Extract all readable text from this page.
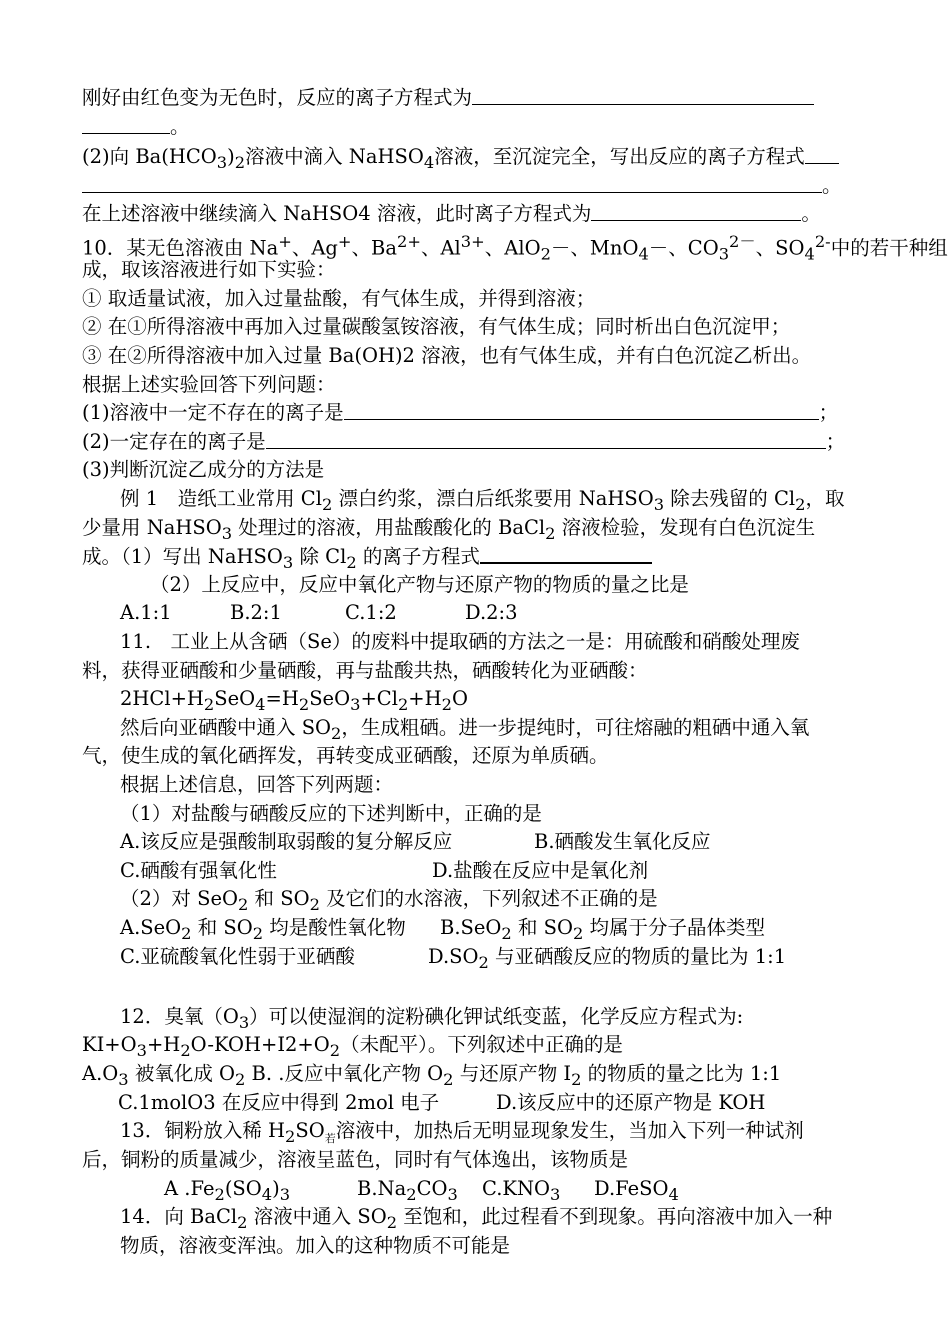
刚好由红色变为无色时，反应的离子方程式为
。
(2)向 $Ba(HCO_3)_2$溶液中滴入 NaHSO$_4$溶液，至沉淀完全，写出反应的离子方程式
。
在上述溶液中继续滴入 NaHSO4 溶液，此时离子方程式为	。
10．某无色溶液由 Na+、Ag+、$Ba^{2+}$、$Al^{3+}$、AlO$_2$－、MnO$_4$－、$CO_3^{2-}$、$SO_4^{2-}$中的若干种组
成，取该溶液进行如下实验：
① 取适量试液，加入过量盐酸，有气体生成，并得到溶液；
② 在①所得溶液中再加入过量碳酸氢铵溶液，有气体生成；同时析出白色沉淀甲；
③ 在②所得溶液中加入过量 Ba(OH)2 溶液，也有气体生成，并有白色沉淀乙析出。
根据上述实验回答下列问题：
(1)溶液中一定不存在的离子是	；
(2)一定存在的离子是	；
(3)判断沉淀乙成分的方法是
例 1　造纸工业常用 $Cl_2$ 漂白约浆，漂白后纸浆要用 NaHSO$_3$ 除去残留的 $Cl_2$，取
少量用 NaHSO$_3$ 处理过的溶液，用盐酸酸化的 BaCl$_2$ 溶液检验，发现有白色沉淀生
成。（1）写出 NaHSO$_3$ 除 $Cl_2$ 的离子方程式
（2）上反应中，反应中氧化产物与还原产物的物质的量之比是
A.1:1	B.2:1	C.1:2	D.2:3
11.　工业上从含硒（Se）的废料中提取硒的方法之一是：用硫酸和硝酸处理废
料，获得亚硒酸和少量硒酸，再与盐酸共热，硒酸转化为亚硒酸：
$2HCl+H_2SeO_4=H_2SeO_3+Cl_2+H_2O$
然后向亚硒酸中通入 $SO_2$，生成粗硒。进一步提纯时，可往熔融的粗硒中通入氧
气，使生成的氧化硒挥发，再转变成亚硒酸，还原为单质硒。
根据上述信息，回答下列两题：
（1）对盐酸与硒酸反应的下述判断中，正确的是
A.该反应是强酸制取弱酸的复分解反应	B.硒酸发生氧化反应
C.硒酸有强氧化性	D.盐酸在反应中是氧化剂
（2）对 SeO$_2$ 和 $SO_2$ 及它们的水溶液，下列叙述不正确的是
A.SeO$_2$ 和 $SO_2$ 均是酸性氧化物 B.SeO$_2$ 和 $SO_2$ 均属于分子晶体类型
C.亚硫酸氧化性弱于亚硒酸	$D.SO_2$ 与亚硒酸反应的物质的量比为 1:1
12．臭氧$(O_3)$可以使湿润的淀粉碘化钾试纸变蓝，化学反应方程式为:
$KI+O_3+H_2O-KOH+I2+O_2$（未配平）。下列叙述中正确的是
$A.O_3$ 被氧化成 $O_2$ B. .反应中氧化产物 $O_2$ 与还原产物 $I_2$ 的物质的量之比为 1:1
C.1molO3 在反应中得到 2mol 电子	D.该反应中的还原产物是 KOH
13．铜粉放入稀 $H_2SO_若$溶液中，加热后无明显现象发生，当加入下列一种试剂
后，铜粉的质量减少，溶液呈蓝色，同时有气体逸出，该物质是
A $.Fe_2(SO_4)_3$	$B.Na_2CO_3$ $C.KNO_3$ D.FeSO$_4$
14．向 BaCl$_2$ 溶液中通入 $SO_2$ 至饱和，此过程看不到现象。再向溶液中加入一种
物质，溶液变浑浊。加入的这种物质不可能是
